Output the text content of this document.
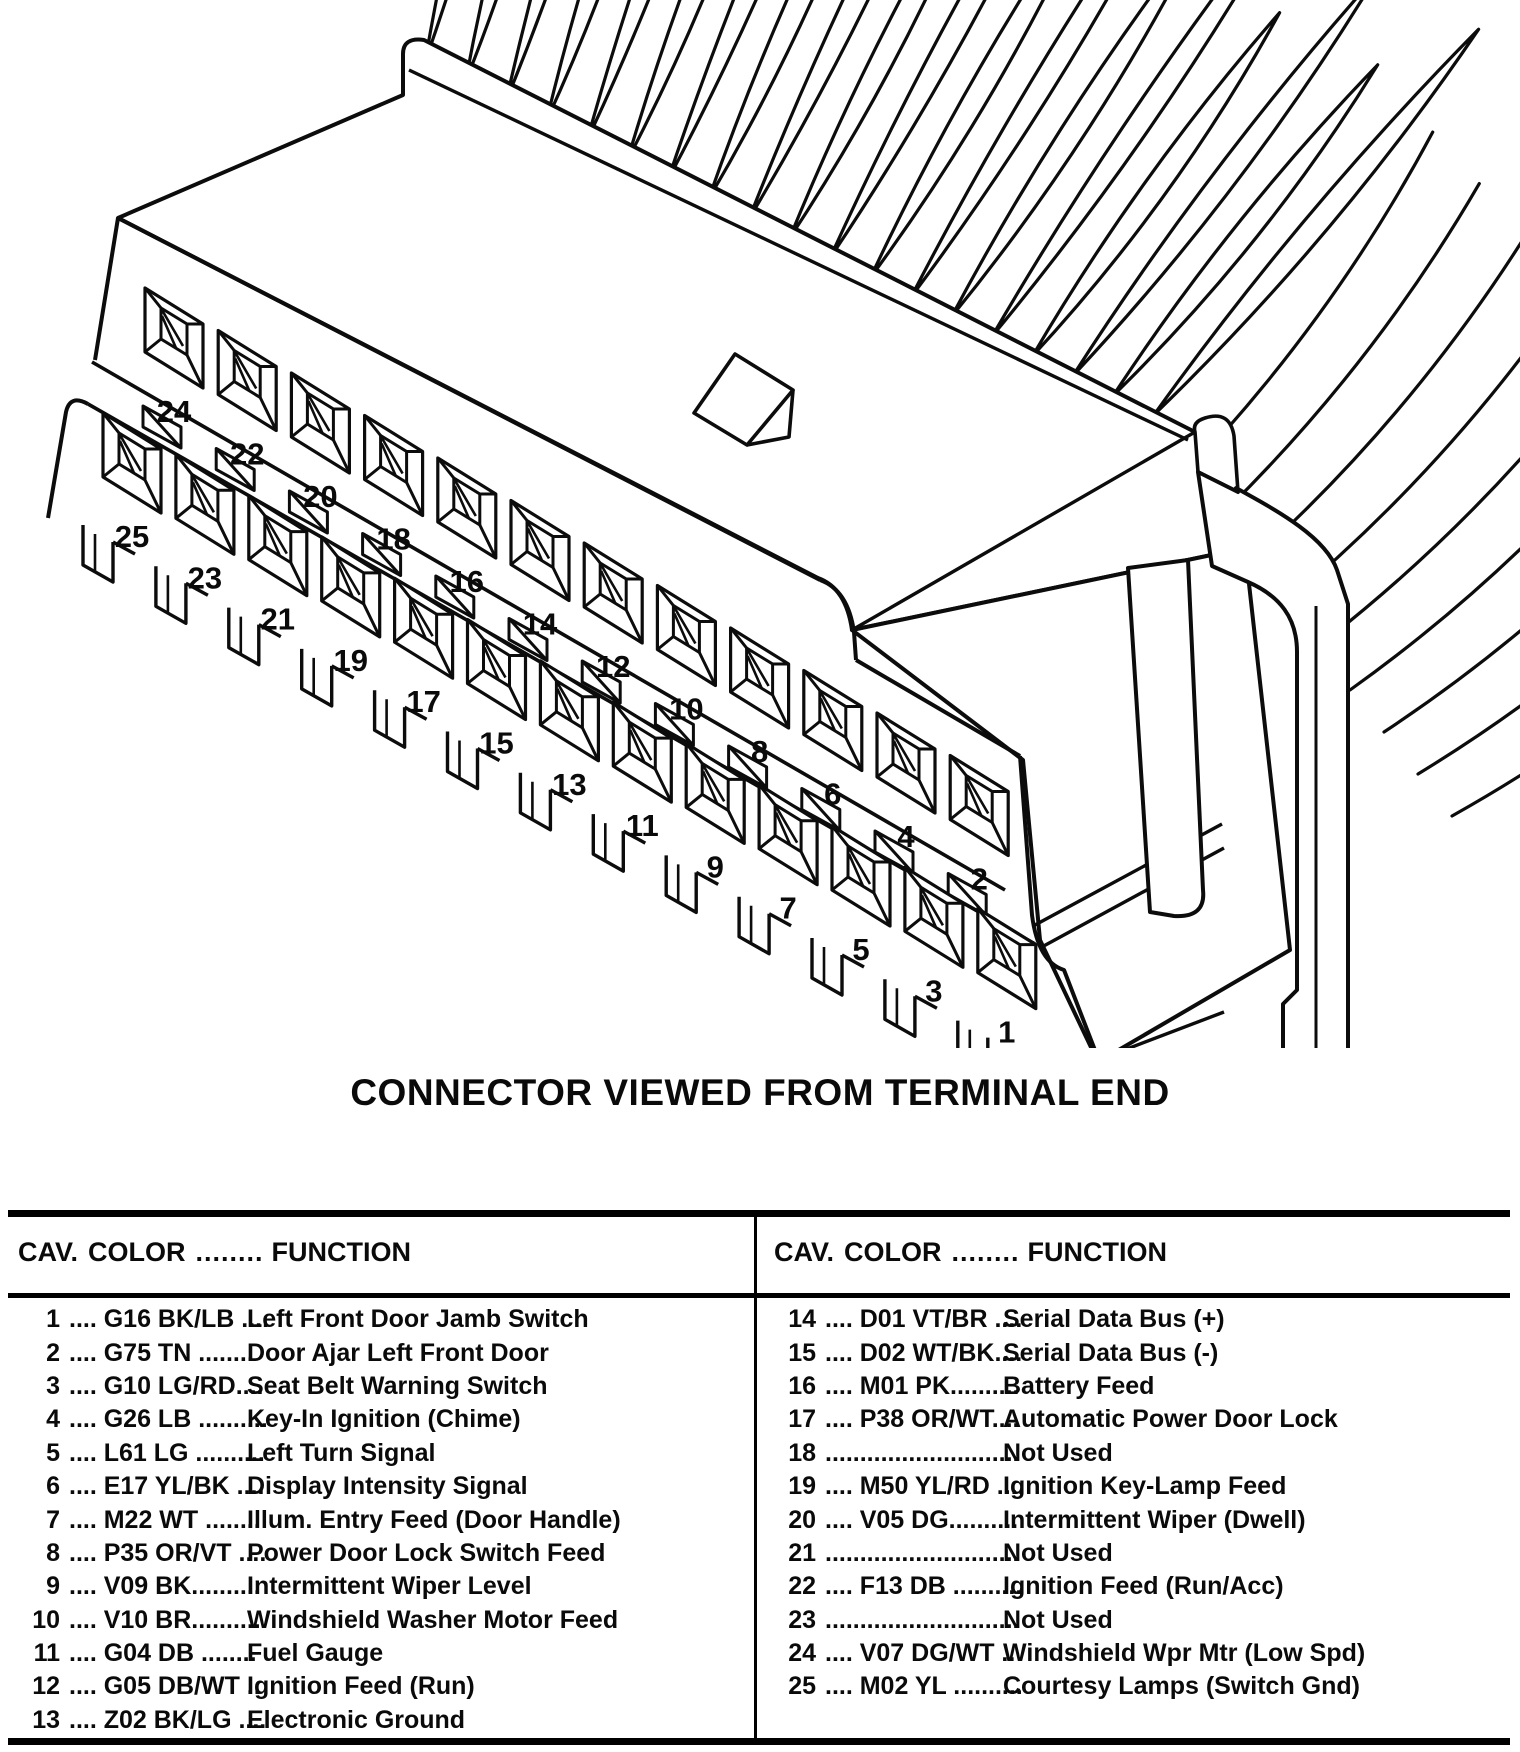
24
22
20
18
16
14
12
10
8
6
4
2
25
23
21
19
17
15
13
11
9
7
5
3
1
CONNECTOR VIEWED FROM TERMINAL END
CAV. COLOR ........ FUNCTION
1 .... G16 BK/LB ....
Left Front Door Jamb Switch
2 .... G75 TN ........
Door Ajar Left Front Door
3 .... G10 LG/RD....
Seat Belt Warning Switch
4 .... G26 LB ..........
Key-In Ignition (Chime)
5 .... L61 LG ..........
Left Turn Signal
6 .... E17 YL/BK ....
Display Intensity Signal
7 .... M22 WT ........
Illum. Entry Feed (Door Handle)
8 .... P35 OR/VT ....
Power Door Lock Switch Feed
9 .... V09 BK..........
Intermittent Wiper Level
10 .... V10 BR..........
Windshield Washer Motor Feed
11 .... G04 DB ........
Fuel Gauge
12 .... G05 DB/WT ..
Ignition Feed (Run)
13 .... Z02 BK/LG ....
Electronic Ground
CAV. COLOR ........ FUNCTION
14 .... D01 VT/BR ....
Serial Data Bus (+)
15 .... D02 WT/BK....
Serial Data Bus (-)
16 .... M01 PK..........
Battery Feed
17 .... P38 OR/WT....
Automatic Power Door Lock
18 ............................
Not Used
19 .... M50 YL/RD ....
Ignition Key-Lamp Feed
20 .... V05 DG..........
Intermittent Wiper (Dwell)
21 ............................
Not Used
22 .... F13 DB ..........
Ignition Feed (Run/Acc)
23 ............................
Not Used
24 .... V07 DG/WT ..
Windshield Wpr Mtr (Low Spd)
25 .... M02 YL ..........
Courtesy Lamps (Switch Gnd)
